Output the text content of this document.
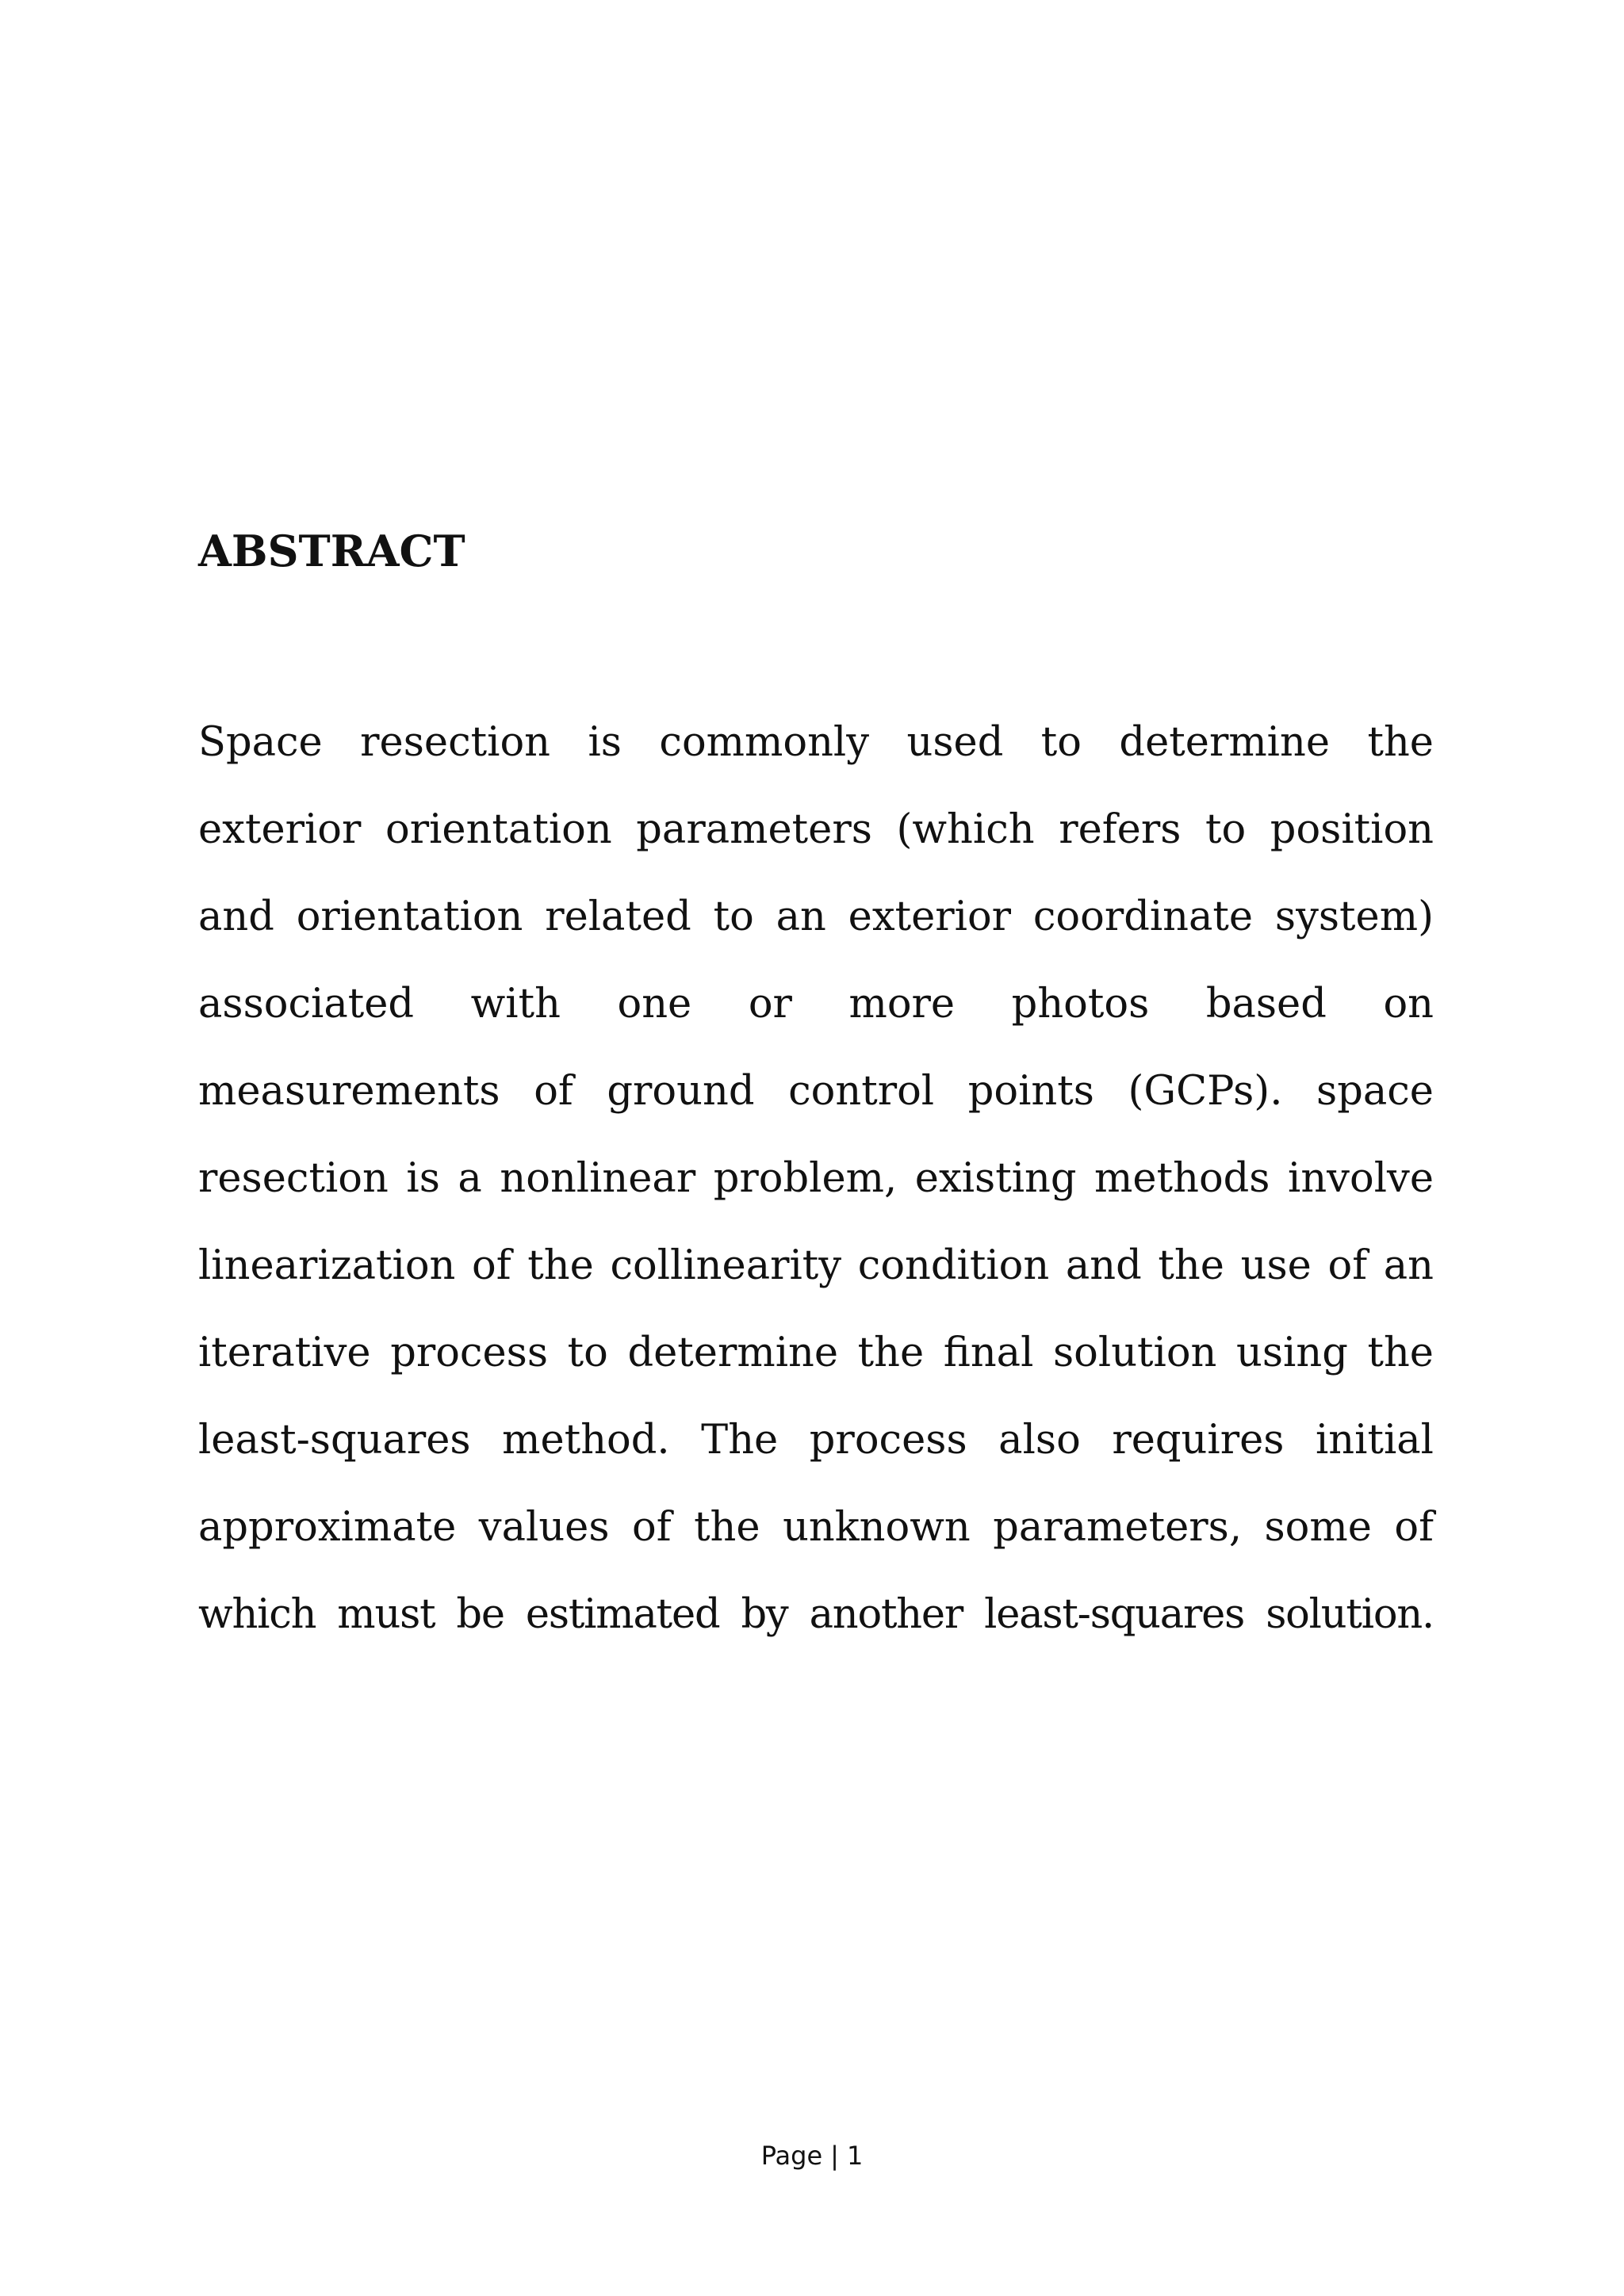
ABSTRACT
Space resection is commonly used to determine the
exterior orientation parameters (which refers to position
and orientation related to an exterior coordinate system)
associated with one or more photos based on
measurements of ground control points (GCPs). space
resection is a nonlinear problem, existing methods involve
linearization of the collinearity condition and the use of an
iterative process to determine the final solution using the
least-squares method. The process also requires initial
approximate values of the unknown parameters, some of
which must be estimated by another least-squares solution.
Page | 1
